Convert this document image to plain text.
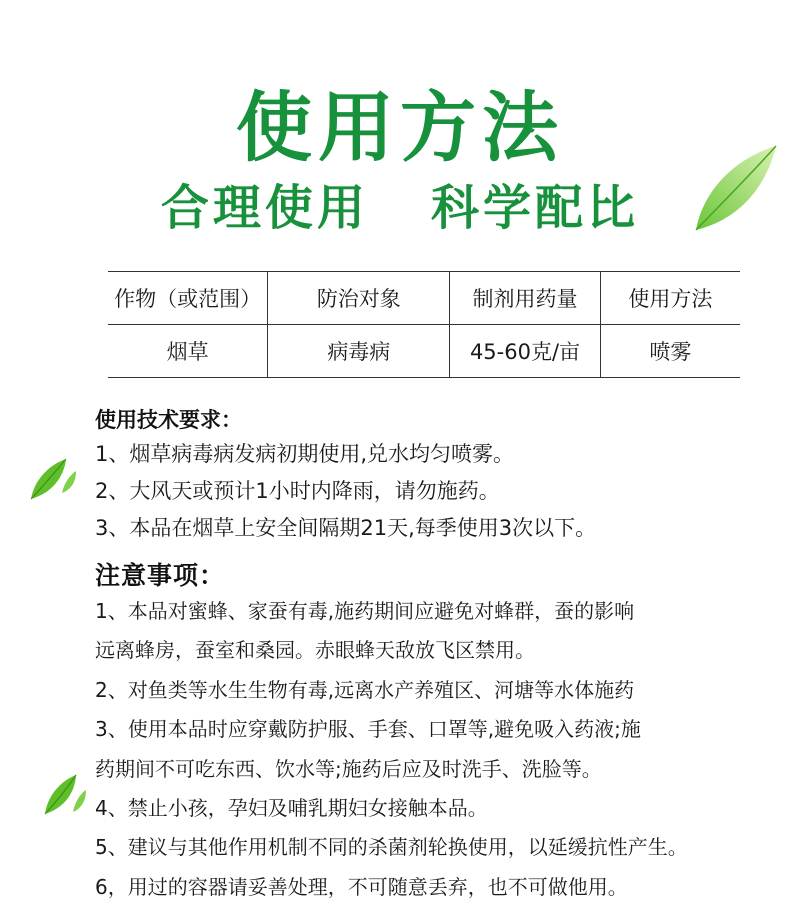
使用方法
合理使用   科学配比
作物（或范围）	防治对象	制剂用药量	使用方法
烟草	病毒病	45-60克/亩	喷雾
使用技术要求：
1、烟草病毒病发病初期使用,兑水均匀喷雾。
2、大风天或预计1小时内降雨，请勿施药。
3、本品在烟草上安全间隔期21天,每季使用3次以下。
注意事项：
1、本品对蜜蜂、家蚕有毒,施药期间应避免对蜂群，蚕的影响
远离蜂房，蚕室和桑园。赤眼蜂天敌放飞区禁用。
2、对鱼类等水生生物有毒,远离水产养殖区、河塘等水体施药
3、使用本品时应穿戴防护服、手套、口罩等,避免吸入药液;施
药期间不可吃东西、饮水等;施药后应及时洗手、洗脸等。
4、禁止小孩，孕妇及哺乳期妇女接触本品。
5、建议与其他作用机制不同的杀菌剂轮换使用，以延缓抗性产生。
6，用过的容器请妥善处理，不可随意丢弃，也不可做他用。
